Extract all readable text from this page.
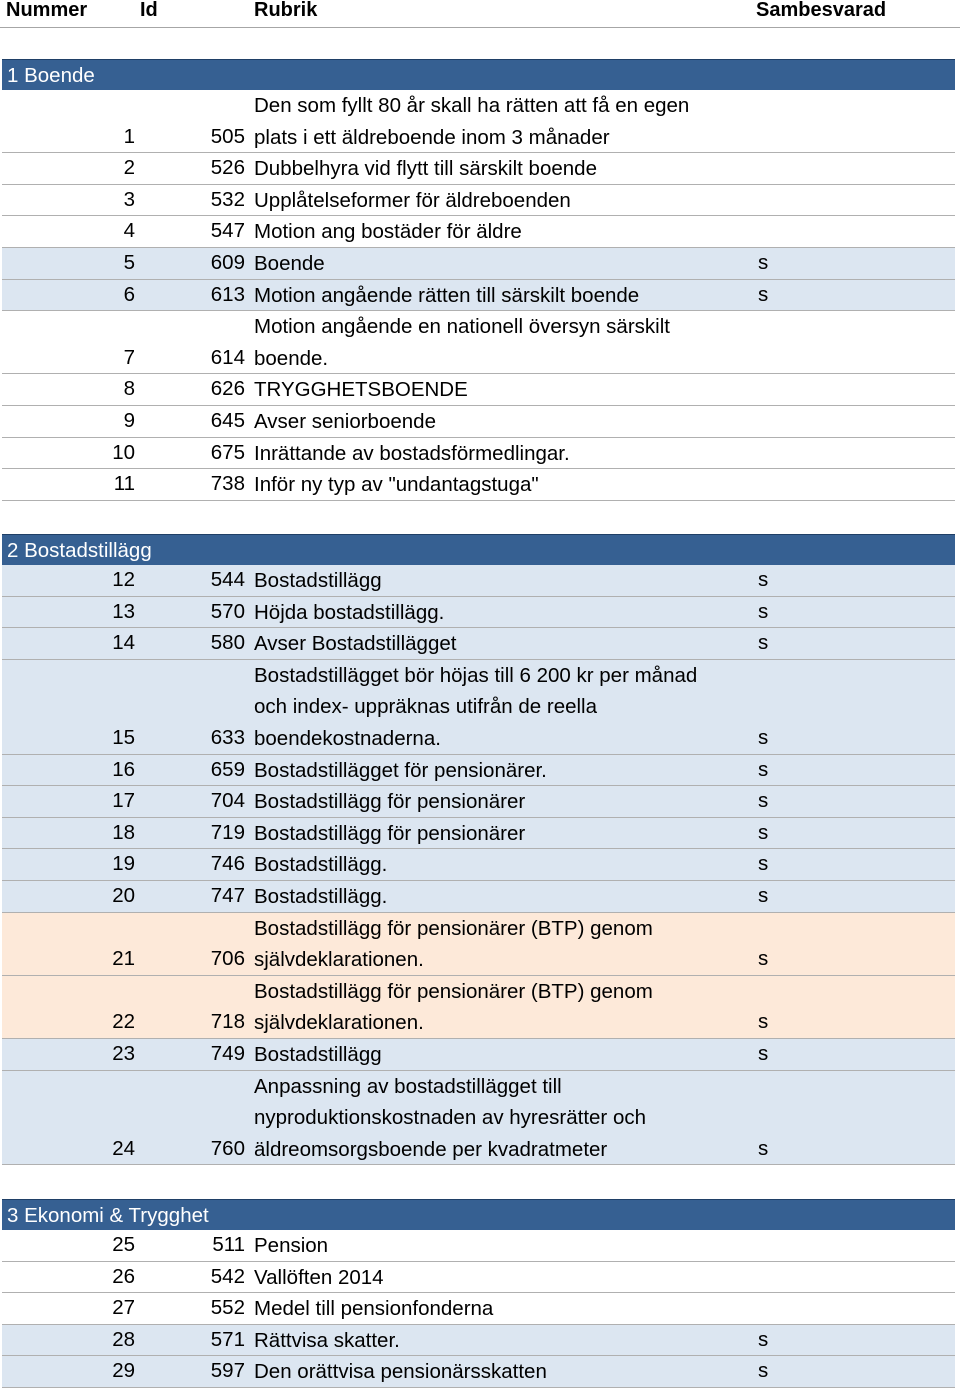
Nummer	Id	Rubrik	Sambesvarad
1 Boende
1	505
Den som fyllt 80 år skall ha rätten att få en egen
plats i ett äldreboende inom 3 månader
2	526 Dubbelhyra vid flytt till särskilt boende
3	532 Upplåtelseformer för äldreboenden
4	547 Motion ang bostäder för äldre
5	609 Boende	s
6	613 Motion angående rätten till särskilt boende	s
7	614
Motion angående en nationell översyn särskilt
boende.
8	626 TRYGGHETSBOENDE
9	645 Avser seniorboende
10	675 Inrättande av bostadsförmedlingar.
11	738 Inför ny typ av "undantagstuga"
2 Bostadstillägg
12	544 Bostadstillägg	s
13	570 Höjda bostadstillägg.	s
14	580 Avser Bostadstillägget	s
15	633
Bostadstillägget bör höjas till 6 200 kr per månad
och index- uppräknas utifrån de reella
boendekostnaderna.	s
16	659 Bostadstillägget för pensionärer.	s
17	704 Bostadstillägg för pensionärer	s
18	719 Bostadstillägg för pensionärer	s
19	746 Bostadstillägg.	s
20	747 Bostadstillägg.	s
21	706
Bostadstillägg för pensionärer (BTP) genom
självdeklarationen.	s
22	718
Bostadstillägg för pensionärer (BTP) genom
självdeklarationen.	s
23	749 Bostadstillägg	s
24	760
Anpassning av bostadstillägget till
nyproduktionskostnaden av hyresrätter och
äldreomsorgsboende per kvadratmeter	s
3 Ekonomi & Trygghet
25	511 Pension
26	542 Vallöften 2014
27	552 Medel till pensionfonderna
28	571 Rättvisa skatter.	s
29	597 Den orättvisa pensionärsskatten	s
